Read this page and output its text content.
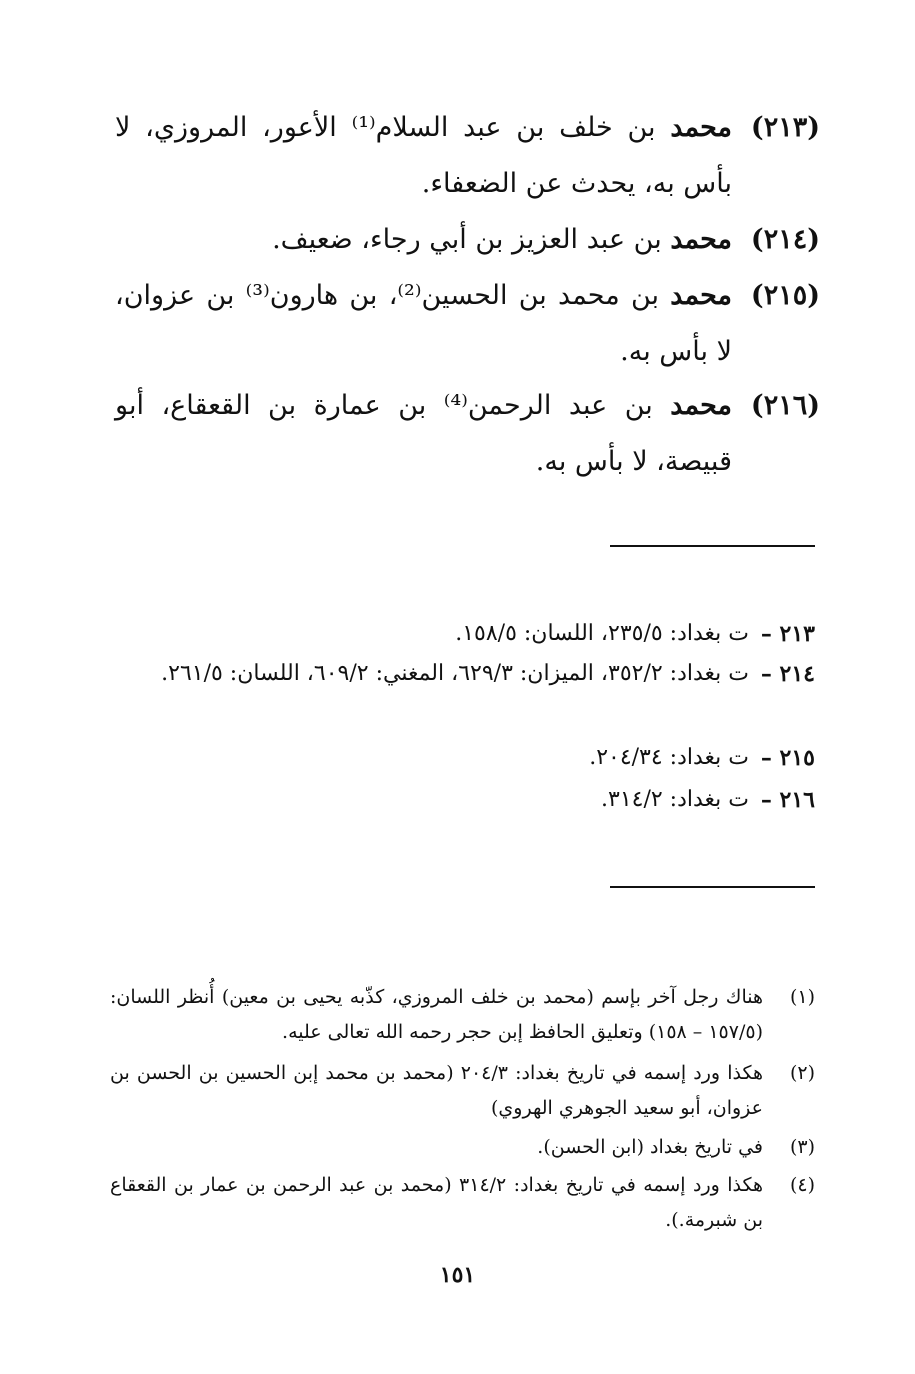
(٢١٣)
محمد بن خلف بن عبد السلام⁽¹⁾ الأعور، المروزي، لا بأس به، يحدث عن الضعفاء.
(٢١٤)
محمد بن عبد العزيز بن أبي رجاء، ضعيف.
(٢١٥)
محمد بن محمد بن الحسين⁽²⁾، بن هارون⁽³⁾ بن عزوان، لا بأس به.
(٢١٦)
محمد بن عبد الرحمن⁽⁴⁾ بن عمارة بن القعقاع، أبو قبيصة، لا بأس به.
٢١٣ –
ت بغداد: ٢٣٥/٥، اللسان: ١٥٨/٥.
٢١٤ –
ت بغداد: ٣٥٢/٢، الميزان: ٦٢٩/٣، المغني: ٦٠٩/٢، اللسان: ٢٦١/٥.
٢١٥ –
ت بغداد: ٢٠٤/٣٤.
٢١٦ –
ت بغداد: ٣١٤/٢.
(١)
هناك رجل آخر بإسم (محمد بن خلف المروزي، كذّبه يحيى بن معين) أُنظر اللسان: (١٥٧/٥ – ١٥٨) وتعليق الحافظ إبن حجر رحمه الله تعالى عليه.
(٢)
هكذا ورد إسمه في تاريخ بغداد: ٢٠٤/٣ (محمد بن محمد إبن الحسين بن الحسن بن عزوان، أبو سعيد الجوهري الهروي)
(٣)
في تاريخ بغداد (ابن الحسن).
(٤)
هكذا ورد إسمه في تاريخ بغداد: ٣١٤/٢ (محمد بن عبد الرحمن بن عمار بن القعقاع بن شبرمة.).
١٥١
